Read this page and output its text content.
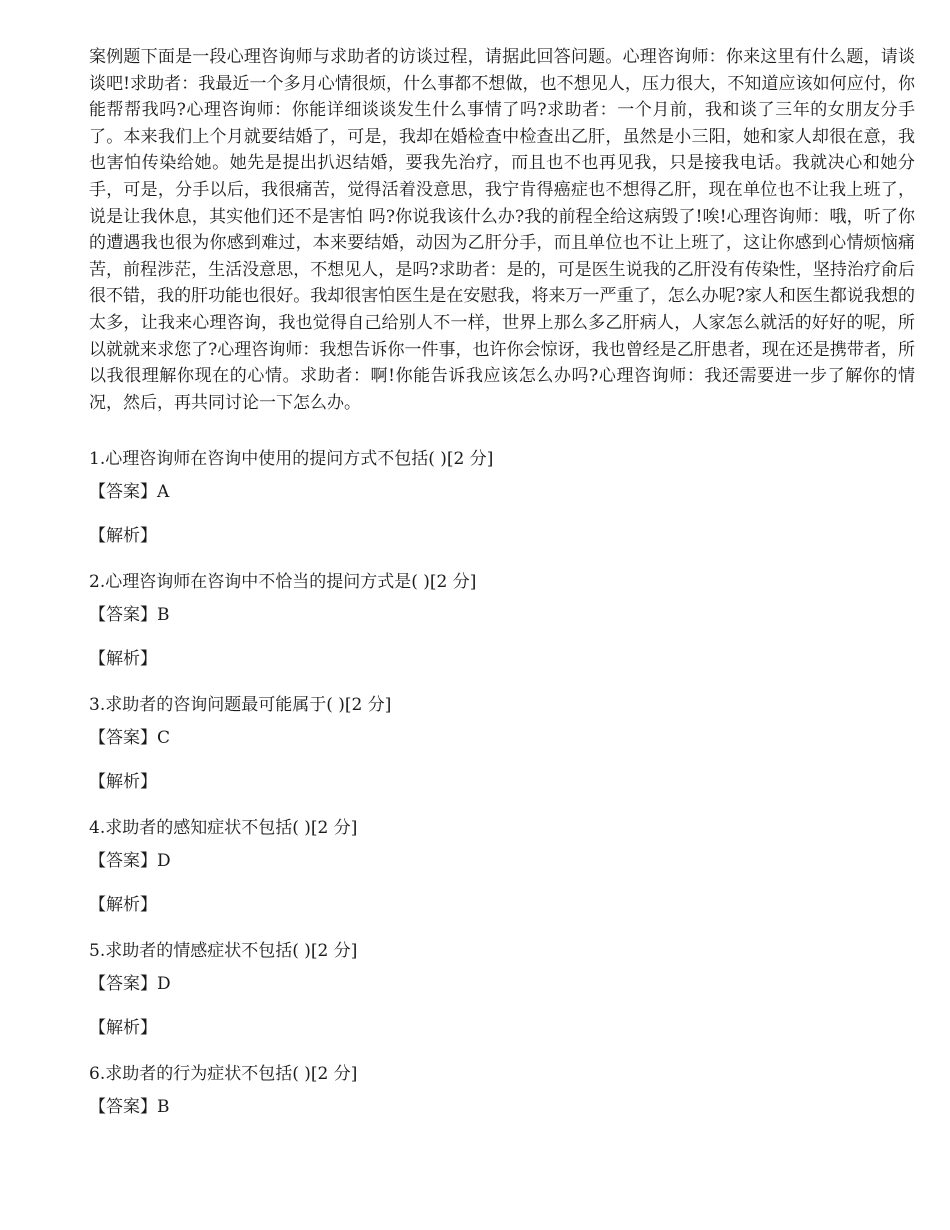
案例题下面是一段心理咨询师与求助者的访谈过程，请据此回答问题。心理咨询师：你来这里有什么题，请谈谈吧!求助者：我最近一个多月心情很烦，什么事都不想做，也不想见人，压力很大，不知道应该如何应付，你能帮帮我吗?心理咨询师：你能详细谈谈发生什么事情了吗?求助者：一个月前，我和谈了三年的女朋友分手了。本来我们上个月就要结婚了，可是，我却在婚检查中检查出乙肝，虽然是小三阳，她和家人却很在意，我也害怕传染给她。她先是提出扒迟结婚，要我先治疗，而且也不也再见我，只是接我电话。我就决心和她分手，可是，分手以后，我很痛苦，觉得活着没意思，我宁肯得癌症也不想得乙肝，现在单位也不让我上班了，说是让我休息，其实他们还不是害怕 吗?你说我该什么办?我的前程全给这病毁了!唉!心理咨询师：哦，听了你的遭遇我也很为你感到难过，本来要结婚，动因为乙肝分手，而且单位也不让上班了，这让你感到心情烦恼痛苦，前程涉茫，生活没意思，不想见人，是吗?求助者：是的，可是医生说我的乙肝没有传染性，坚持治疗俞后很不错，我的肝功能也很好。我却很害怕医生是在安慰我，将来万一严重了，怎么办呢?家人和医生都说我想的太多，让我来心理咨询，我也觉得自己给别人不一样，世界上那么多乙肝病人，人家怎么就活的好好的呢，所以就就来求您了?心理咨询师：我想告诉你一件事，也许你会惊讶，我也曾经是乙肝患者，现在还是携带者，所以我很理解你现在的心情。求助者：啊!你能告诉我应该怎么办吗?心理咨询师：我还需要进一步了解你的情况，然后，再共同讨论一下怎么办。

1.心理咨询师在咨询中使用的提问方式不包括( )[2 分]
【答案】A
【解析】
2.心理咨询师在咨询中不恰当的提问方式是( )[2 分]
【答案】B
【解析】
3.求助者的咨询问题最可能属于( )[2 分]
【答案】C
【解析】
4.求助者的感知症状不包括( )[2 分]
【答案】D
【解析】
5.求助者的情感症状不包括( )[2 分]
【答案】D
【解析】
6.求助者的行为症状不包括( )[2 分]
【答案】B
